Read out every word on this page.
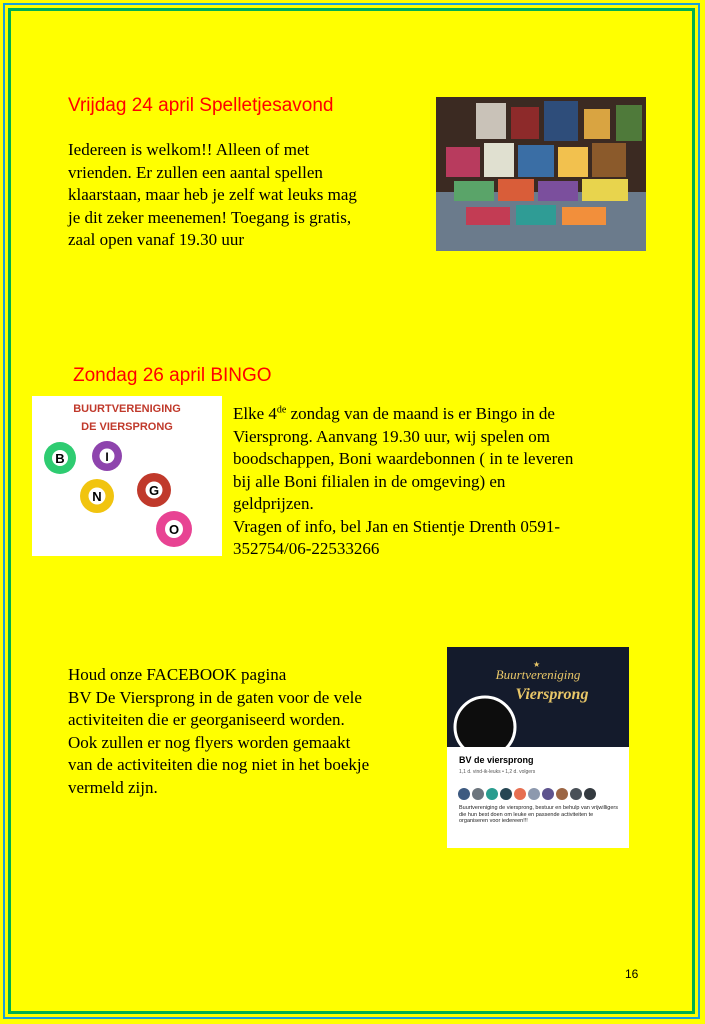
Vrijdag 24 april Spelletjesavond
Iedereen is welkom!! Alleen of met
vrienden. Er zullen een aantal spellen
klaarstaan, maar heb je zelf wat leuks mag
je dit zeker meenemen! Toegang is gratis,
zaal open vanaf 19.30 uur
Zondag 26 april BINGO
BUURTVERENIGING
DE VIERSPRONG
B	I
N	G
O
Elke 4de zondag van de maand is er Bingo in de
Viersprong. Aanvang 19.30 uur, wij spelen om
boodschappen, Boni waardebonnen ( in te leveren
bij alle Boni filialen in de omgeving) en
geldprijzen.
Vragen of info, bel Jan en Stientje Drenth 0591-
352754/06-22533266
Houd onze FACEBOOK pagina
BV De Viersprong in de gaten voor de vele
activiteiten die er georganiseerd worden.
Ook zullen er nog flyers worden gemaakt
van de activiteiten die nog niet in het boekje
vermeld zijn.
Buurtvereniging
Viersprong
★
BV de viersprong
1,1 d. vind-ik-leuks • 1,2 d. volgers
Buurtvereniging de viersprong, bestuur en behulp van vrijwilligers die hun best doen om leuke en passende activiteiten te organiseren voor iedereen!!!
16
